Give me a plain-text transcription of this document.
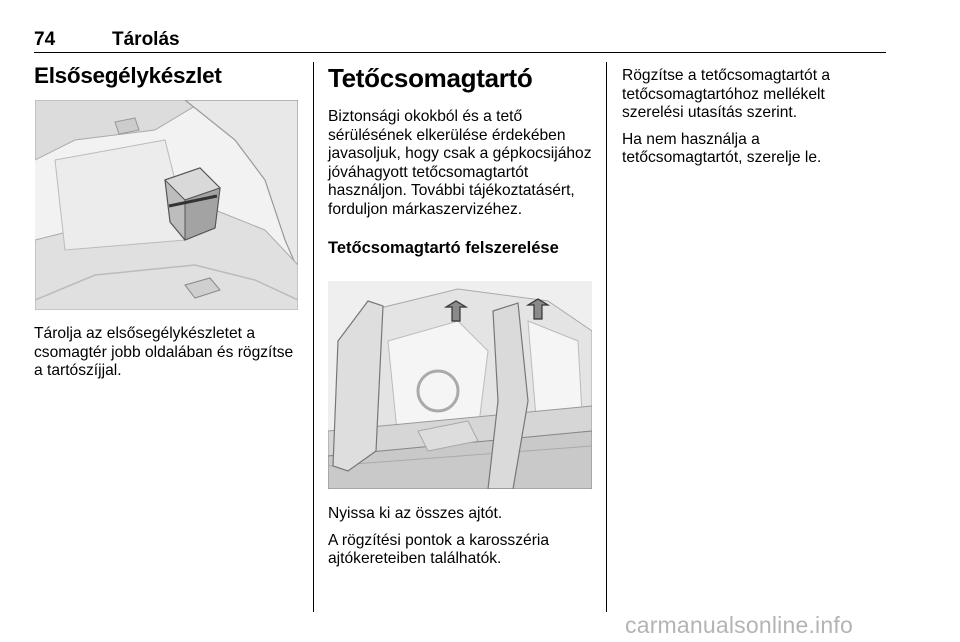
74	Tárolás
Elsősegélykészlet

Tárolja az elsősegélykészletet a csomagtér jobb oldalában és rögzítse a tartószíjjal.

Tetőcsomagtartó

Biztonsági okokból és a tető sérülésének elkerülése érdekében javasoljuk, hogy csak a gépkocsijához jóváhagyott tetőcsomagtartót használjon. További tájékoztatásért, forduljon márkaszervizéhez.

Tetőcsomagtartó felszerelése

Nyissa ki az összes ajtót.

A rögzítési pontok a karosszéria ajtókereteiben találhatók.

Rögzítse a tetőcsomagtartót a tetőcsomagtartóhoz mellékelt szerelési utasítás szerint.

Ha nem használja a tetőcsomagtartót, szerelje le.

carmanualsonline.info
